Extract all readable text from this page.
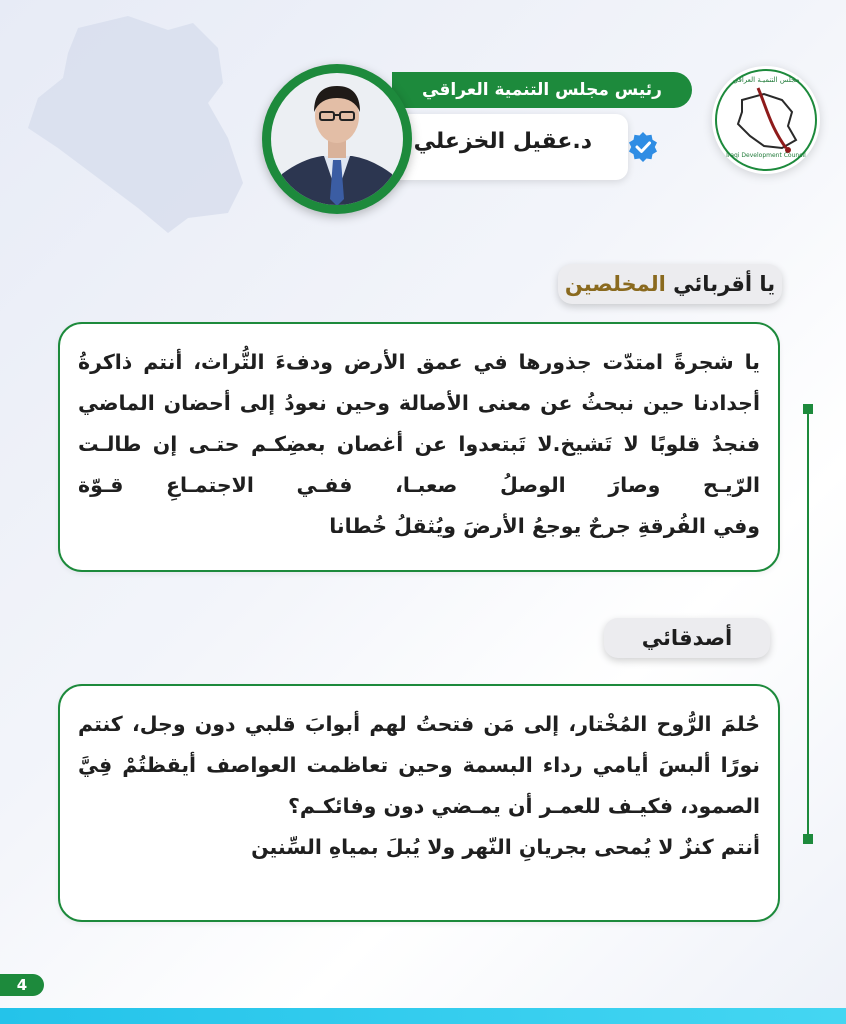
مجلس التنميـة العراقي
Iraqi Development Council
رئيس مجلس التنمية العراقي
د.عقيل الخزعلي
يا أقربائي المخلصين
يا شجرةً امتدّت جذورها في عمق الأرض ودفءَ التُّراث، أنتم ذاكرةُ
أجدادنا حين نبحثُ عن معنى الأصالة وحين نعودُ إلى أحضان الماضي
فنجدُ قلوبًا لا تَشيخ.لا تَبتعدوا عن أغصان بعضِكـم حتـى إن طالـت
الرّيـح وصارَ الوصلُ صعبـا، ففـي الاجتمـاعِ قـوّة
وفي الفُرقةِ جرحٌ يوجعُ الأرضَ ويُثقلُ خُطانا
أصدقائي
حُلمَ الرُّوح المُخْتار، إلى مَن فتحتُ لهم أبوابَ قلبي دون وجل، كنتم
نورًا ألبسَ أيامي رداء البسمة وحين تعاظمت العواصف أيقظتُمْ فِيَّ
الصمود، فكيـف للعمـر أن يمـضي دون وفائكـم؟
أنتم كنزٌ لا يُمحى بجريانِ النّهر ولا يُبلَ بمياهِ السِّنين
4
